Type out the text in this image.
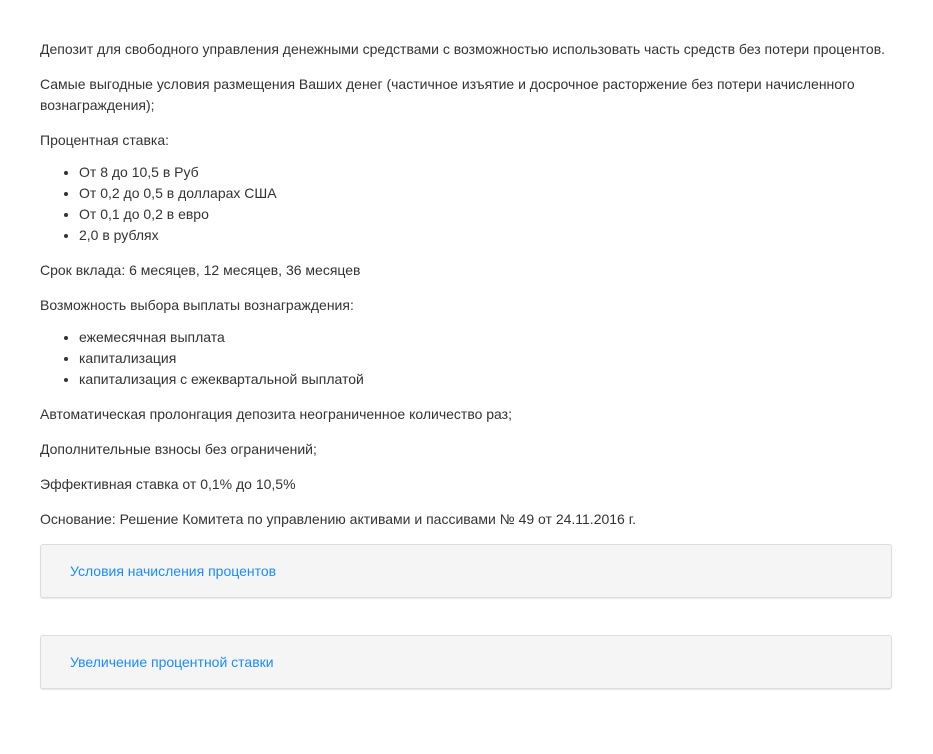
Депозит для свободного управления денежными средствами с возможностью использовать часть средств без потери процентов.

Самые выгодные условия размещения Ваших денег (частичное изъятие и досрочное расторжение без потери начисленного вознаграждения);

Процентная ставка:

• От 8 до 10,5 в Руб
• От 0,2 до 0,5 в долларах США
• От 0,1 до 0,2 в евро
• 2,0 в рублях

Срок вклада: 6 месяцев, 12 месяцев, 36 месяцев

Возможность выбора выплаты вознаграждения:

• ежемесячная выплата
• капитализация
• капитализация с ежеквартальной выплатой

Автоматическая пролонгация депозита неограниченное количество раз;

Дополнительные взносы без ограничений;

Эффективная ставка от 0,1% до 10,5%

Основание: Решение Комитета по управлению активами и пассивами № 49 от 24.11.2016 г.

Условия начисления процентов
Увеличение процентной ставки
